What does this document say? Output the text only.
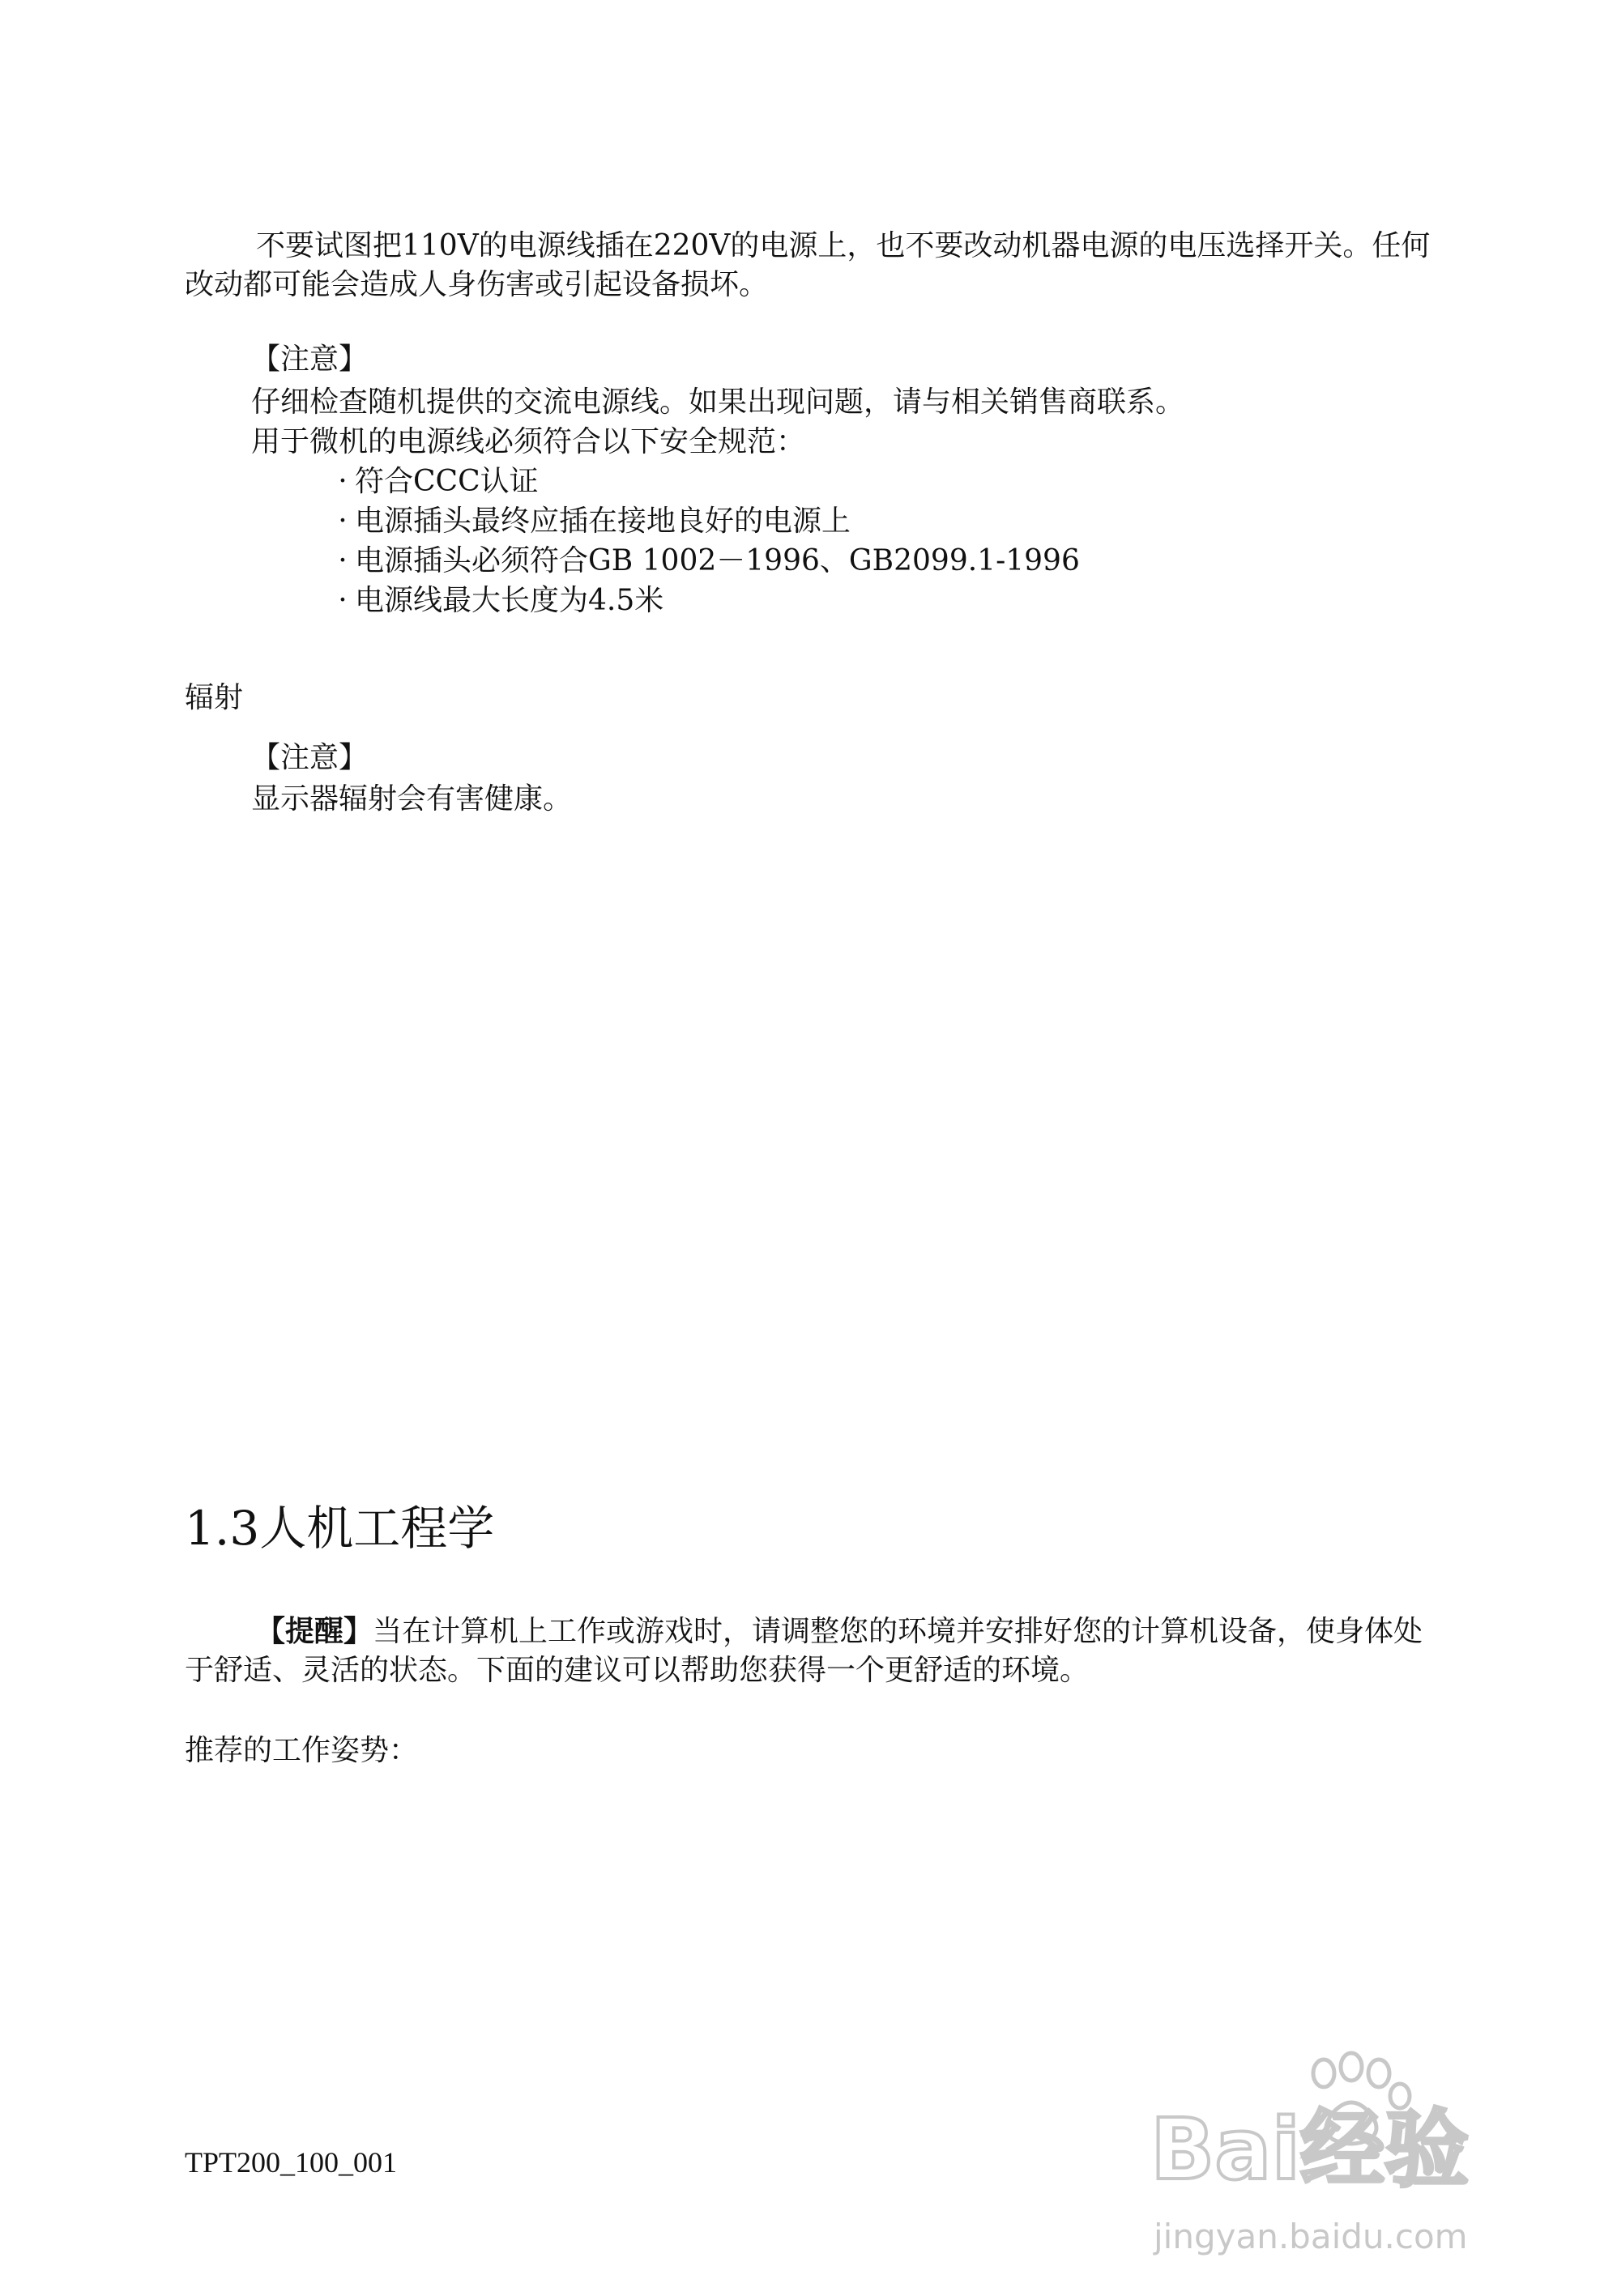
不要试图把110V的电源线插在220V的电源上，也不要改动机器电源的电压选择开关。任何改动都可能会造成人身伤害或引起设备损坏。

【注意】
仔细检查随机提供的交流电源线。如果出现问题，请与相关销售商联系。
用于微机的电源线必须符合以下安全规范：
· 符合CCC认证
· 电源插头最终应插在接地良好的电源上
· 电源插头必须符合GB 1002－1996、GB2099.1-1996
· 电源线最大长度为4.5米
辐射
【注意】
显示器辐射会有害健康。
1.3人机工程学

【提醒】当在计算机上工作或游戏时，请调整您的环境并安排好您的计算机设备，使身体处于舒适、灵活的状态。下面的建议可以帮助您获得一个更舒适的环境。

推荐的工作姿势：
TPT200_100_001	Bai经验
jingyan.baidu.com
